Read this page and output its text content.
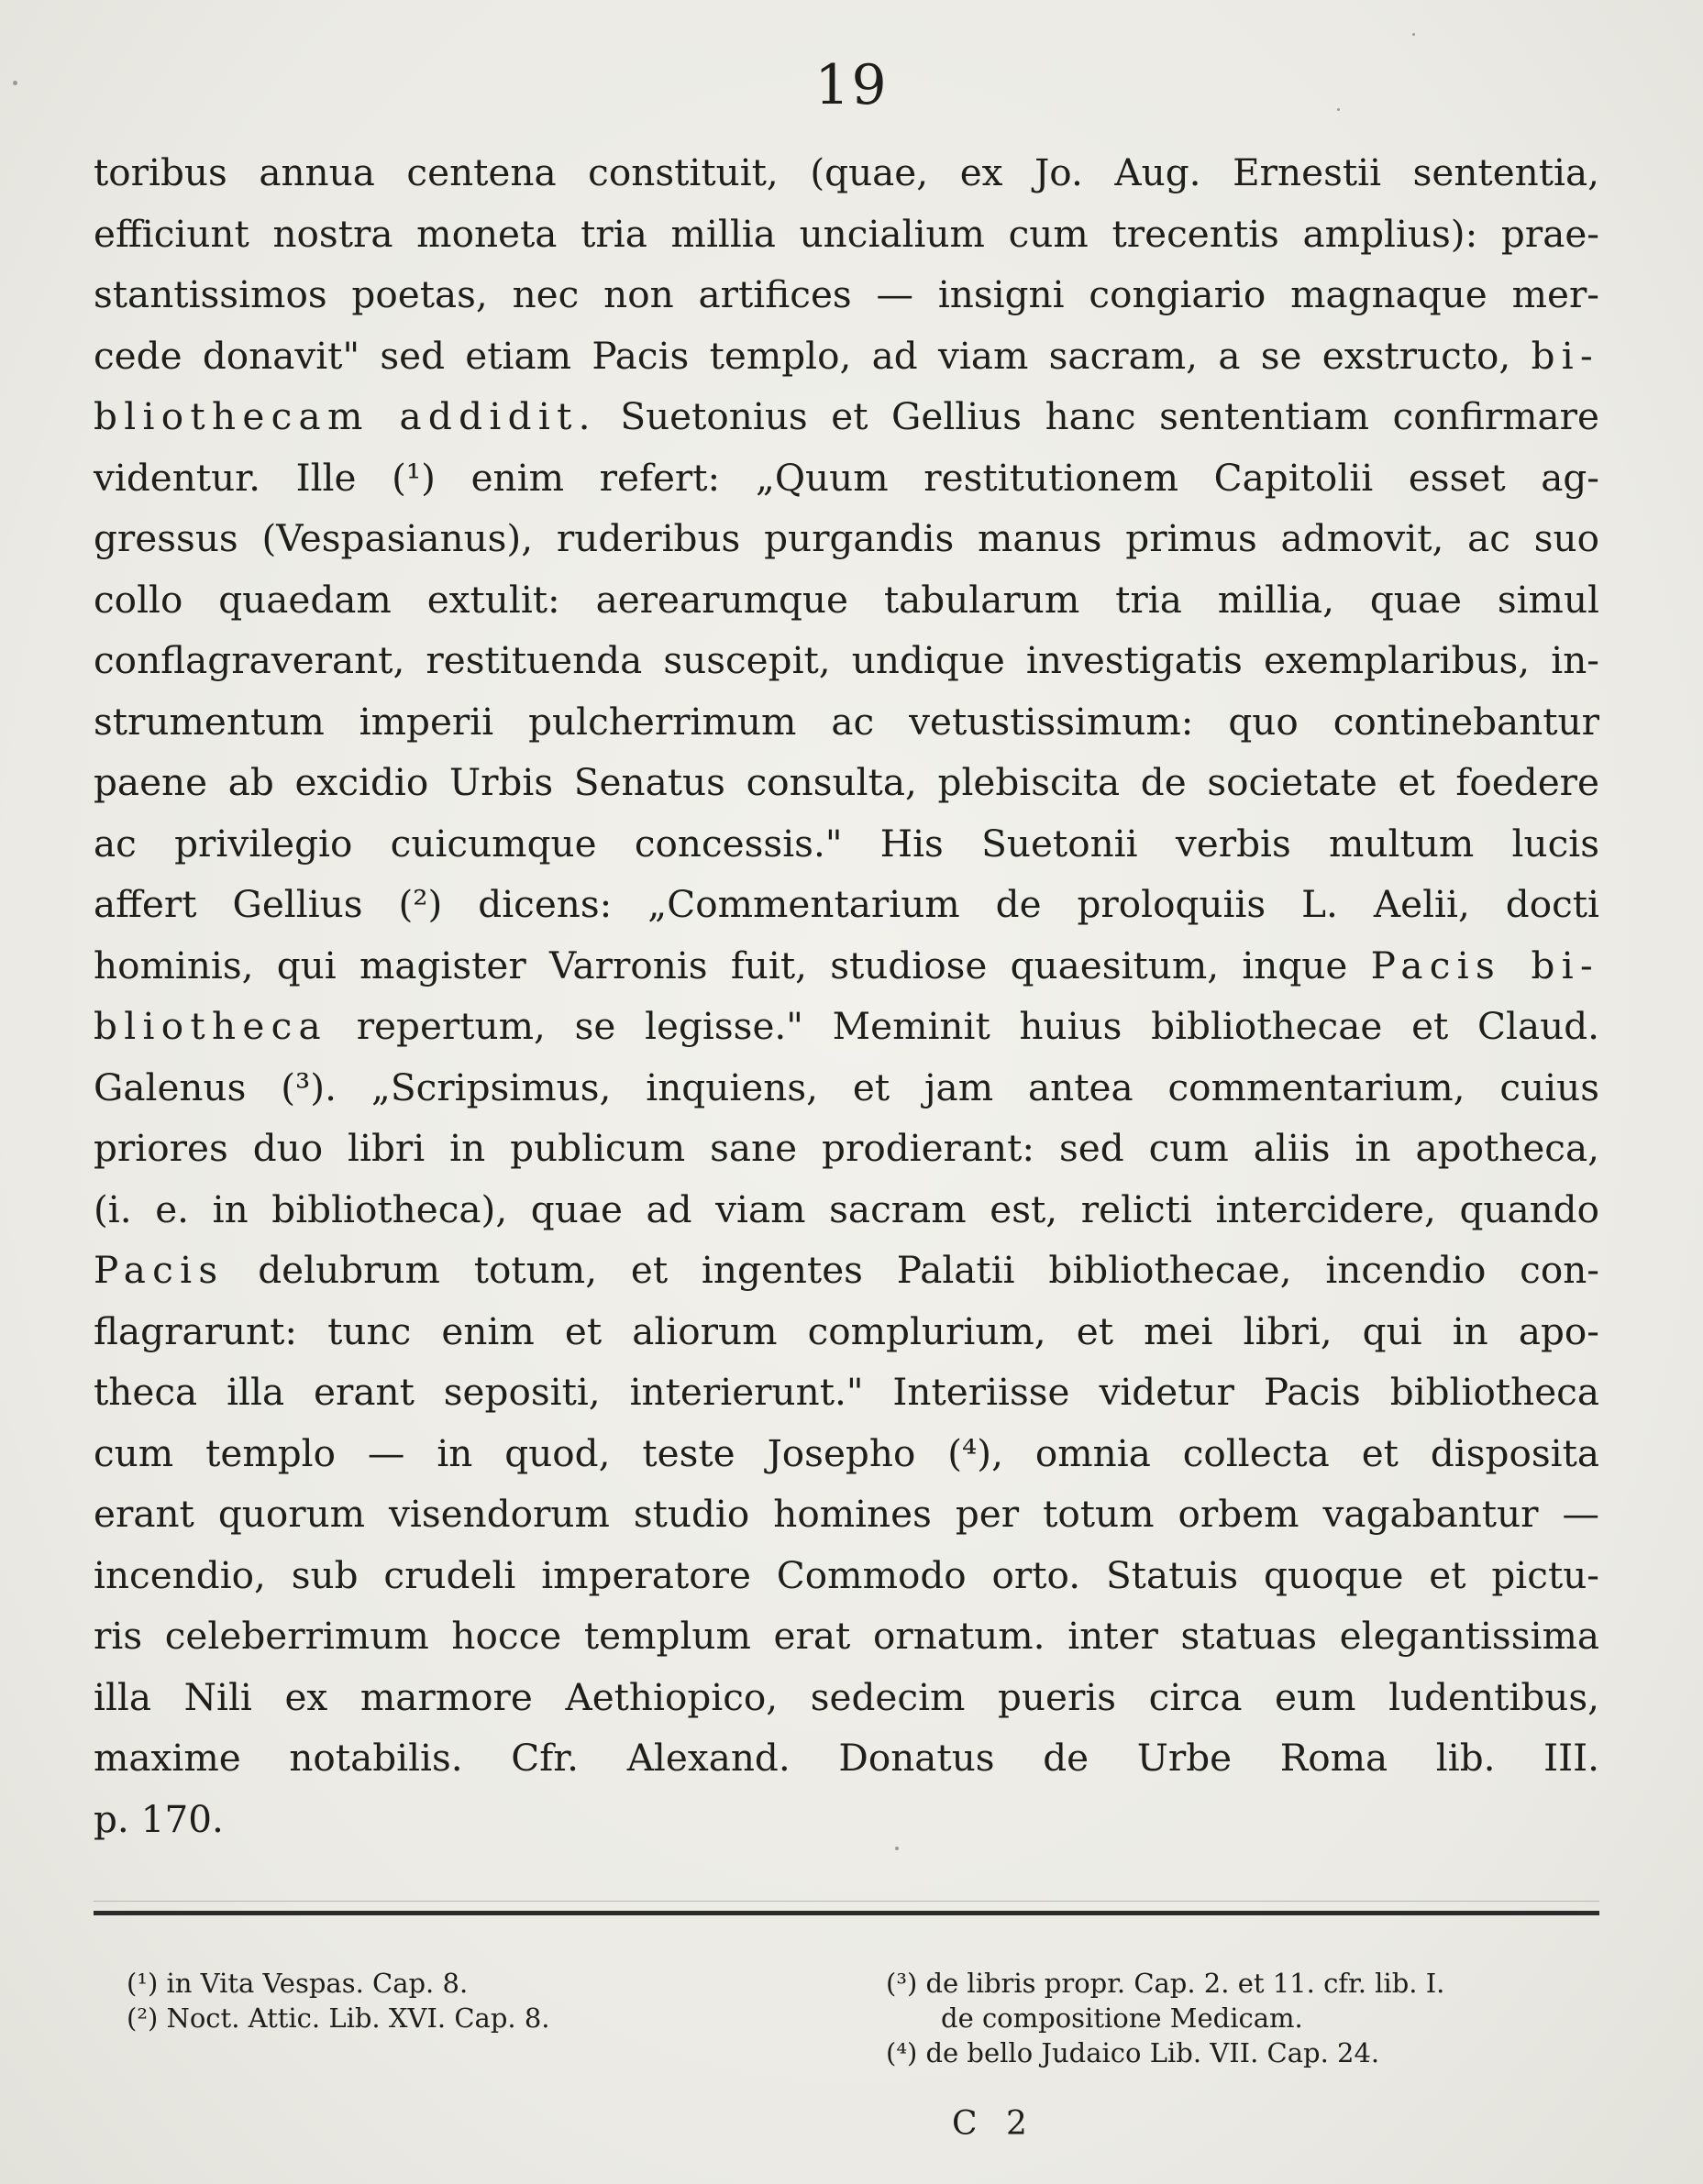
19
toribus annua centena constituit, (quae, ex Jo. Aug. Ernestii sententia,
efficiunt nostra moneta tria millia uncialium cum trecentis amplius): prae-
stantissimos poetas, nec non artifices — insigni congiario magnaque mer-
cede donavit" sed etiam Pacis templo, ad viam sacram, a se exstructo, bi-
bliothecam addidit. Suetonius et Gellius hanc sententiam confirmare
videntur. Ille (¹) enim refert: „Quum restitutionem Capitolii esset ag-
gressus (Vespasianus), ruderibus purgandis manus primus admovit, ac suo
collo quaedam extulit: aerearumque tabularum tria millia, quae simul
conflagraverant, restituenda suscepit, undique investigatis exemplaribus, in-
strumentum imperii pulcherrimum ac vetustissimum: quo continebantur
paene ab excidio Urbis Senatus consulta, plebiscita de societate et foedere
ac privilegio cuicumque concessis." His Suetonii verbis multum lucis
affert Gellius (²) dicens: „Commentarium de proloquiis L. Aelii, docti
hominis, qui magister Varronis fuit, studiose quaesitum, inque Pacis bi-
bliotheca repertum, se legisse." Meminit huius bibliothecae et Claud.
Galenus (³). „Scripsimus, inquiens, et jam antea commentarium, cuius
priores duo libri in publicum sane prodierant: sed cum aliis in apotheca,
(i. e. in bibliotheca), quae ad viam sacram est, relicti intercidere, quando
Pacis delubrum totum, et ingentes Palatii bibliothecae, incendio con-
flagrarunt: tunc enim et aliorum complurium, et mei libri, qui in apo-
theca illa erant sepositi, interierunt." Interiisse videtur Pacis bibliotheca
cum templo — in quod, teste Josepho (⁴), omnia collecta et disposita
erant quorum visendorum studio homines per totum orbem vagabantur —
incendio, sub crudeli imperatore Commodo orto. Statuis quoque et pictu-
ris celeberrimum hocce templum erat ornatum. inter statuas elegantissima
illa Nili ex marmore Aethiopico, sedecim pueris circa eum ludentibus,
maxime notabilis. Cfr. Alexand. Donatus de Urbe Roma lib. III.
p. 170.
(¹) in Vita Vespas. Cap. 8.
(²) Noct. Attic. Lib. XVI. Cap. 8.
(³) de libris propr. Cap. 2. et 11. cfr. lib. I.
de compositione Medicam.
(⁴) de bello Judaico Lib. VII. Cap. 24.
C 2
